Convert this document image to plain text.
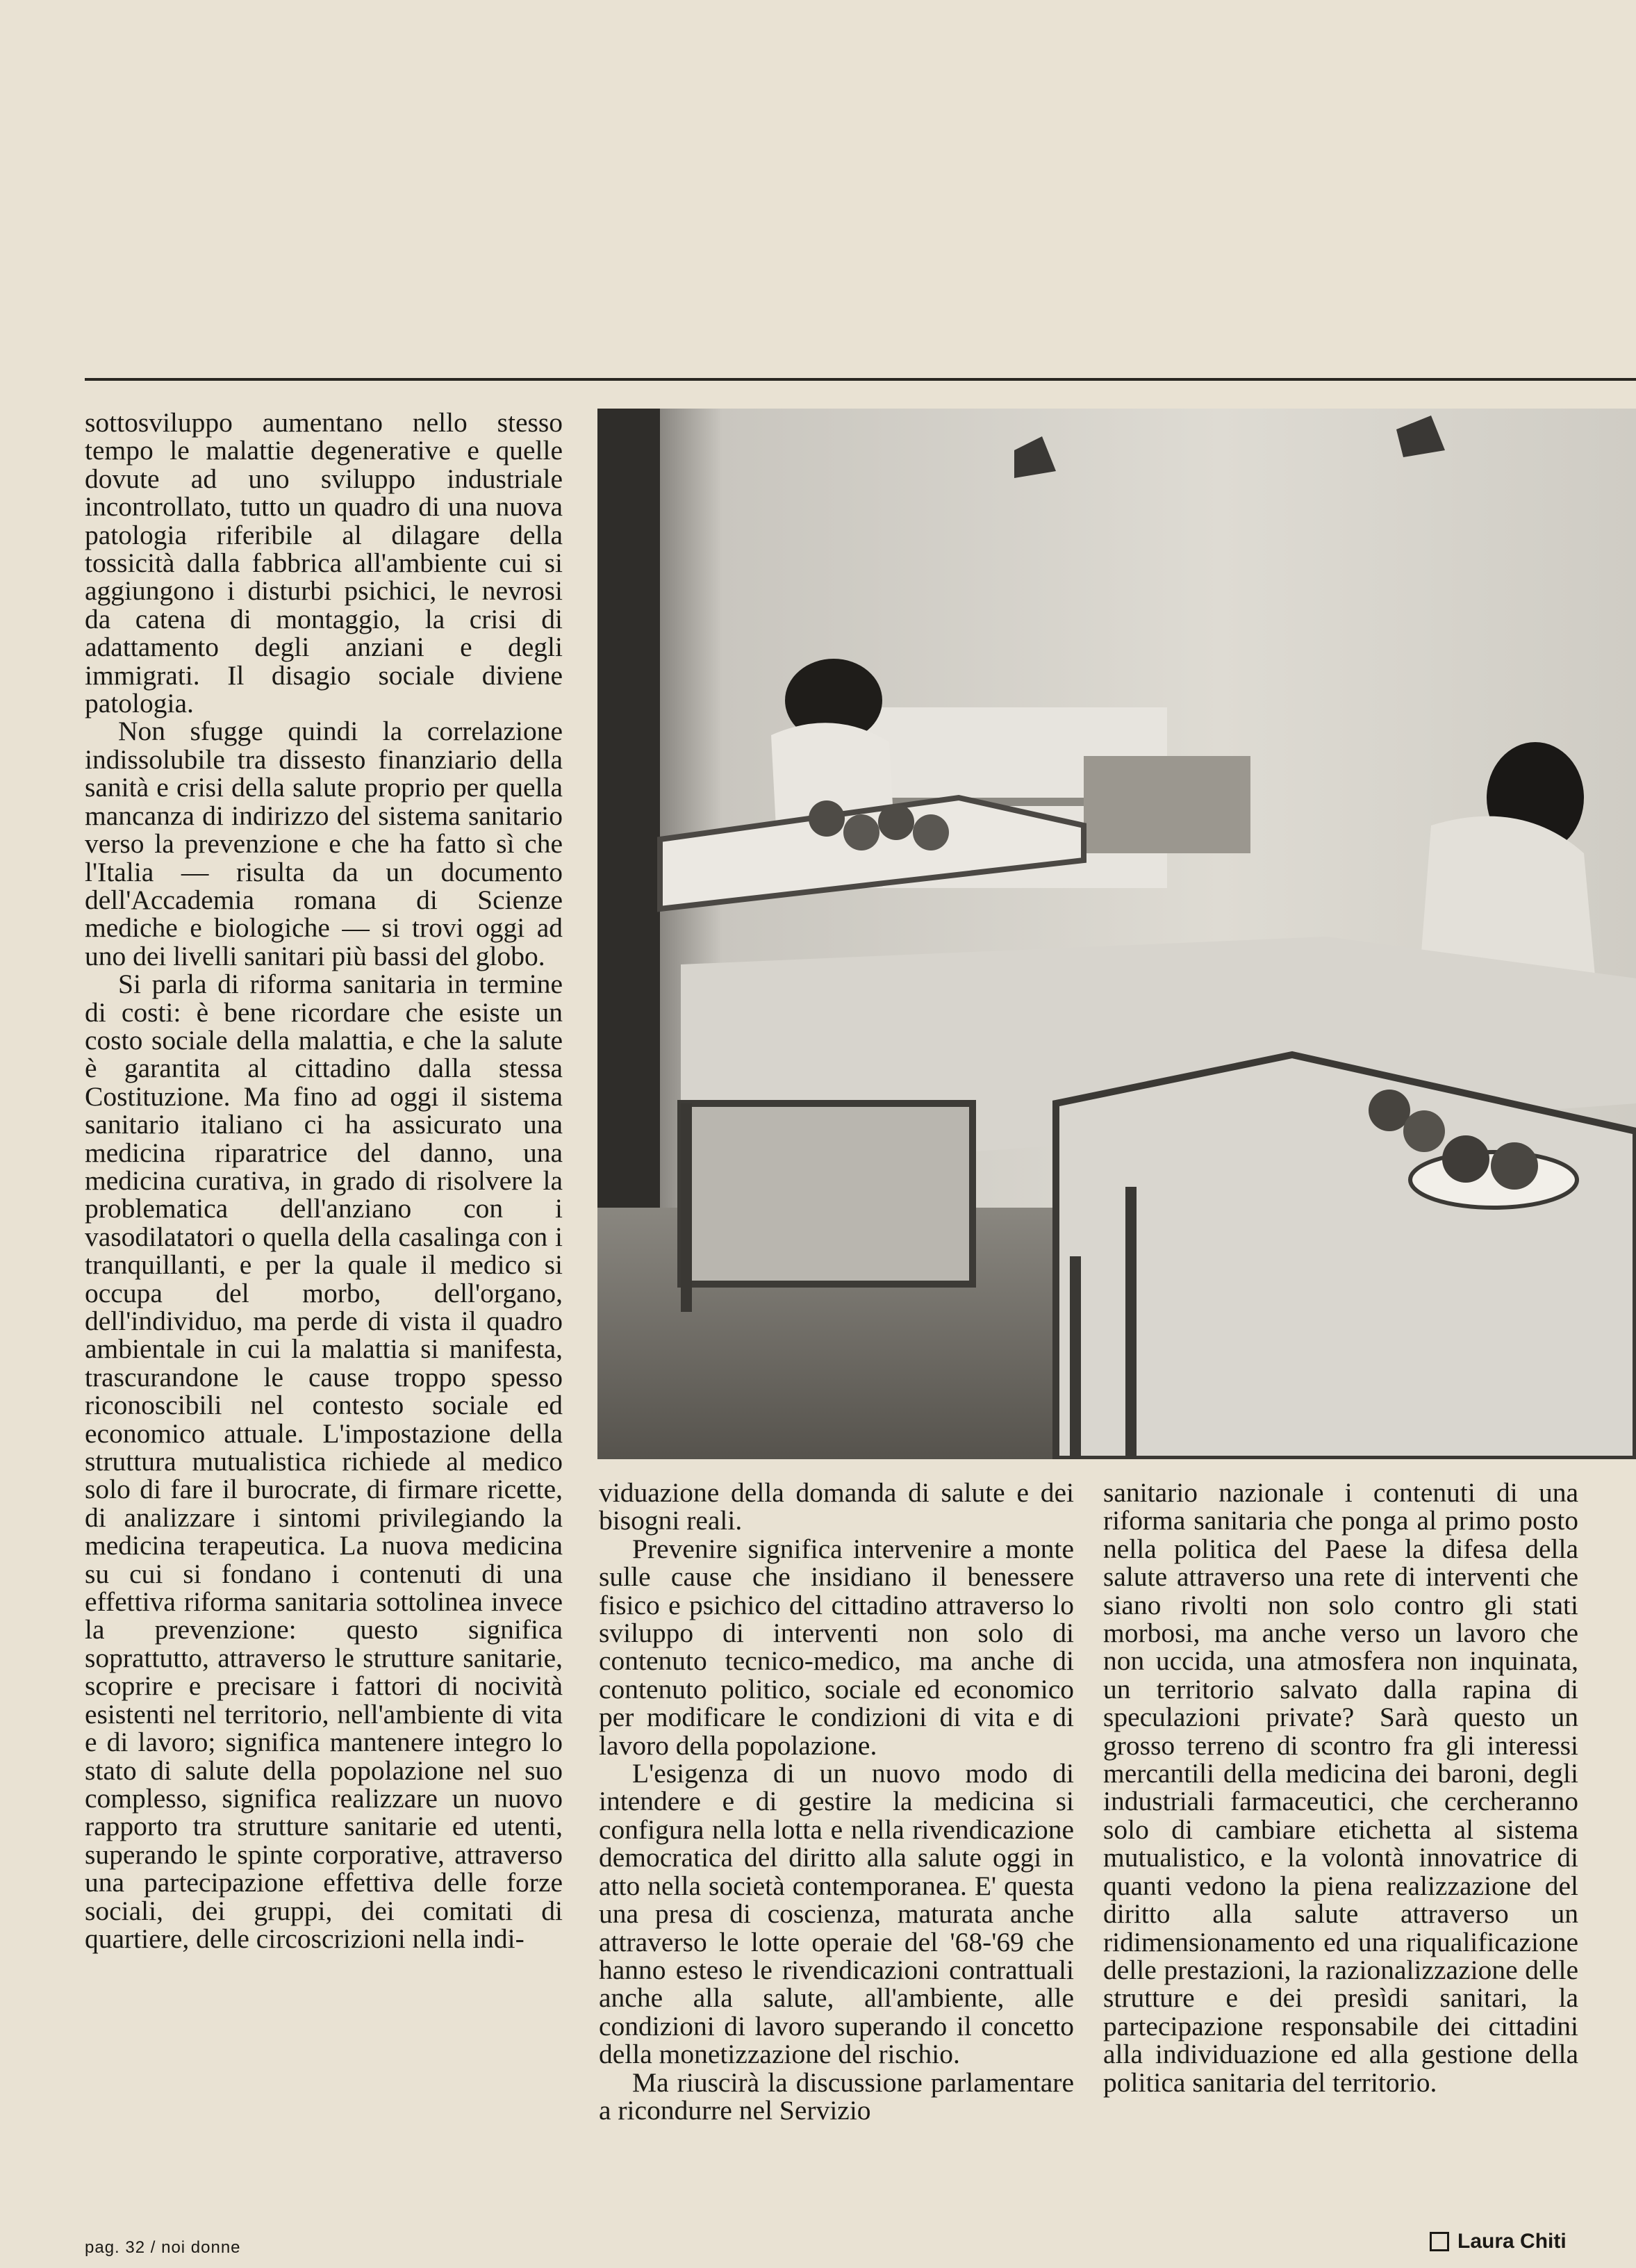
sottosviluppo aumentano nello stesso tempo le malattie degenerative e quelle dovute ad uno sviluppo industriale incontrollato, tutto un quadro di una nuova patologia riferibile al dilagare della tossicità dalla fabbrica all'ambiente cui si aggiungono i disturbi psichici, le nevrosi da catena di montaggio, la crisi di adattamento degli anziani e degli immigrati. Il disagio sociale diviene patologia.

Non sfugge quindi la correlazione indissolubile tra dissesto finanziario della sanità e crisi della salute proprio per quella mancanza di indirizzo del sistema sanitario verso la prevenzione e che ha fatto sì che l'Italia — risulta da un documento dell'Accademia romana di Scienze mediche e biologiche — si trovi oggi ad uno dei livelli sanitari più bassi del globo.

Si parla di riforma sanitaria in termine di costi: è bene ricordare che esiste un costo sociale della malattia, e che la salute è garantita al cittadino dalla stessa Costituzione. Ma fino ad oggi il sistema sanitario italiano ci ha assicurato una medicina riparatrice del danno, una medicina curativa, in grado di risolvere la problematica dell'anziano con i vasodilatatori o quella della casalinga con i tranquillanti, e per la quale il medico si occupa del morbo, dell'organo, dell'individuo, ma perde di vista il quadro ambientale in cui la malattia si manifesta, trascurandone le cause troppo spesso riconoscibili nel contesto sociale ed economico attuale. L'impostazione della struttura mutualistica richiede al medico solo di fare il burocrate, di firmare ricette, di analizzare i sintomi privilegiando la medicina terapeutica. La nuova medicina su cui si fondano i contenuti di una effettiva riforma sanitaria sottolinea invece la prevenzione: questo significa soprattutto, attraverso le strutture sanitarie, scoprire e precisare i fattori di nocività esistenti nel territorio, nell'ambiente di vita e di lavoro; significa mantenere integro lo stato di salute della popolazione nel suo complesso, significa realizzare un nuovo rapporto tra strutture sanitarie ed utenti, superando le spinte corporative, attraverso una partecipazione effettiva delle forze sociali, dei gruppi, dei comitati di quartiere, delle circoscrizioni nella indi-

viduazione della domanda di salute e dei bisogni reali.

Prevenire significa intervenire a monte sulle cause che insidiano il benessere fisico e psichico del cittadino attraverso lo sviluppo di interventi non solo di contenuto tecnico-medico, ma anche di contenuto politico, sociale ed economico per modificare le condizioni di vita e di lavoro della popolazione.

L'esigenza di un nuovo modo di intendere e di gestire la medicina si configura nella lotta e nella rivendicazione democratica del diritto alla salute oggi in atto nella società contemporanea. E' questa una presa di coscienza, maturata anche attraverso le lotte operaie del '68-'69 che hanno esteso le rivendicazioni contrattuali anche alla salute, all'ambiente, alle condizioni di lavoro superando il concetto della monetizzazione del rischio.

Ma riuscirà la discussione parlamentare a ricondurre nel Servizio

sanitario nazionale i contenuti di una riforma sanitaria che ponga al primo posto nella politica del Paese la difesa della salute attraverso una rete di interventi che siano rivolti non solo contro gli stati morbosi, ma anche verso un lavoro che non uccida, una atmosfera non inquinata, un territorio salvato dalla rapina di speculazioni private? Sarà questo un grosso terreno di scontro fra gli interessi mercantili della medicina dei baroni, degli industriali farmaceutici, che cercheranno solo di cambiare etichetta al sistema mutualistico, e la volontà innovatrice di quanti vedono la piena realizzazione del diritto alla salute attraverso un ridimensionamento ed una riqualificazione delle prestazioni, la razionalizzazione delle strutture e dei presìdi sanitari, la partecipazione responsabile dei cittadini alla individuazione ed alla gestione della politica sanitaria del territorio.

Laura Chiti
pag. 32 / noi donne
